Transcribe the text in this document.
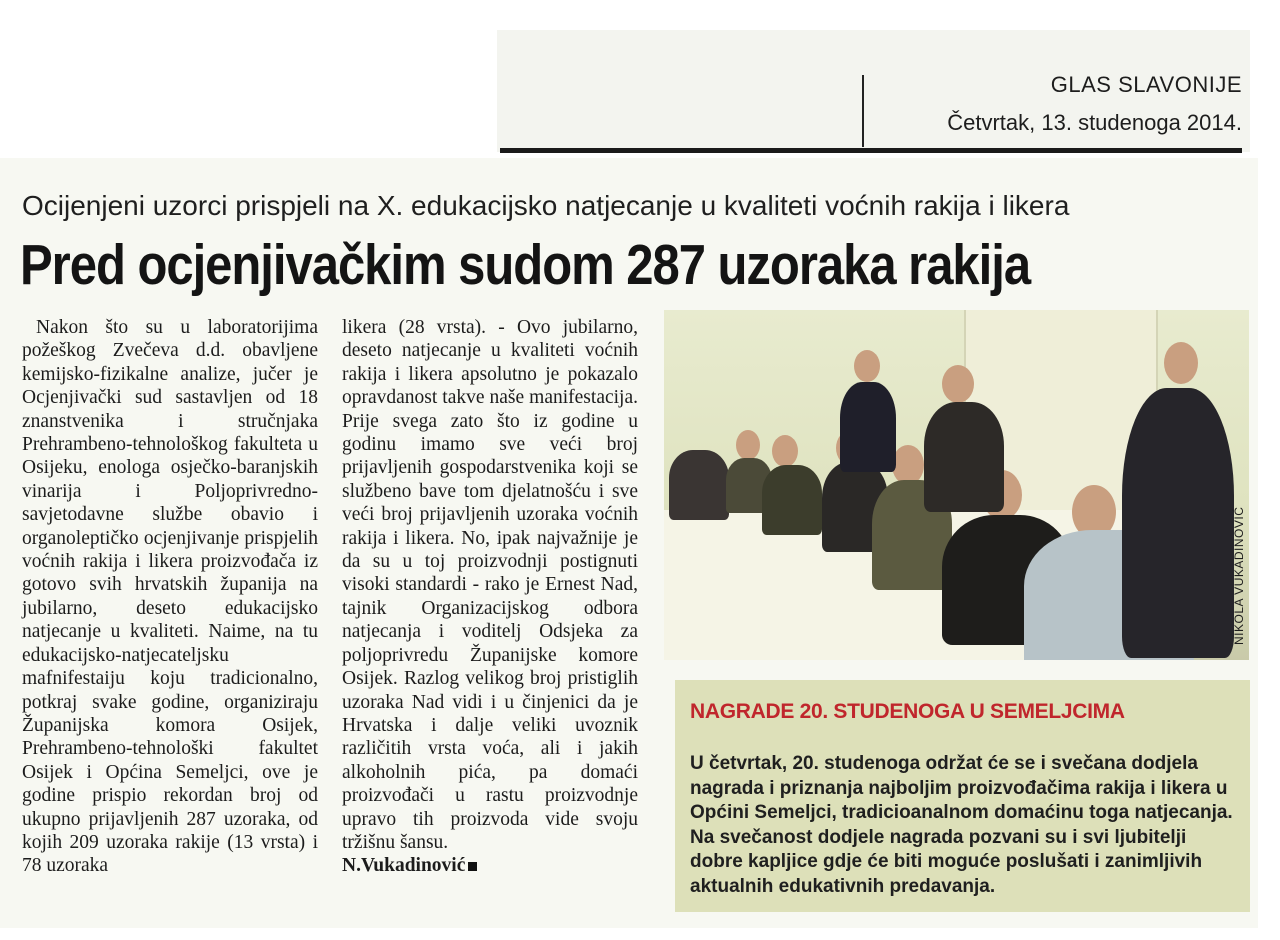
GLAS SLAVONIJE
Četvrtak, 13. studenoga 2014.
Ocijenjeni uzorci prispjeli na X. edukacijsko natjecanje u kvaliteti voćnih rakija i likera
Pred ocjenjivačkim sudom 287 uzoraka rakija

Nakon što su u laboratorijima požeškog Zvečeva d.d. obavljene kemijsko-fizikalne analize, jučer je Ocjenjivački sud sastavljen od 18 znanstvenika i stručnjaka Prehrambeno-tehnološkog fakulteta u Osijeku, enologa osječko-baranjskih vinarija i Poljoprivredno-savjetodavne službe obavio i organoleptičko ocjenjivanje prispjelih voćnih rakija i likera proizvođača iz gotovo svih hrvatskih županija na jubilarno, deseto edukacijsko natjecanje u kvaliteti. Naime, na tu edukacijsko-natjecateljsku mafnifestaiju koju tradicionalno, potkraj svake godine, organiziraju Županijska komora Osijek, Prehrambeno-tehnološki fakultet Osijek i Općina Semeljci, ove je godine prispio rekordan broj od ukupno prijavljenih 287 uzoraka, od kojih 209 uzoraka rakije (13 vrsta) i 78 uzoraka

likera (28 vrsta). - Ovo jubilarno, deseto natjecanje u kvaliteti voćnih rakija i likera apsolutno je pokazalo opravdanost takve naše manifestacija. Prije svega zato što iz godine u godinu imamo sve veći broj prijavljenih gospodarstvenika koji se službeno bave tom djelatnošću i sve veći broj prijavljenih uzoraka voćnih rakija i likera. No, ipak najvažnije je da su u toj proizvodnji postignuti visoki standardi - rako je Ernest Nad, tajnik Organizacijskog odbora natjecanja i voditelj Odsjeka za poljoprivredu Županijske komore Osijek. Razlog velikog broj pristiglih uzoraka Nad vidi i u činjenici da je Hrvatska i dalje veliki uvoznik različitih vrsta voća, ali i jakih alkoholnih pića, pa domaći proizvođači u rastu proizvodnje upravo tih proizvoda vide svoju tržišnu šansu.

N.Vukadinović

NIKOLA VUKADINOVIĆ
NAGRADE 20. STUDENOGA U SEMELJCIMA
U četvrtak, 20. studenoga održat će se i svečana dodjela nagrada i priznanja najboljim proizvođačima rakija i likera u Općini Semeljci, tradicioanalnom domaćinu toga natjecanja. Na svečanost dodjele nagrada pozvani su i svi ljubitelji dobre kapljice gdje će biti moguće poslušati i zanimljivih aktualnih edukativnih predavanja.
